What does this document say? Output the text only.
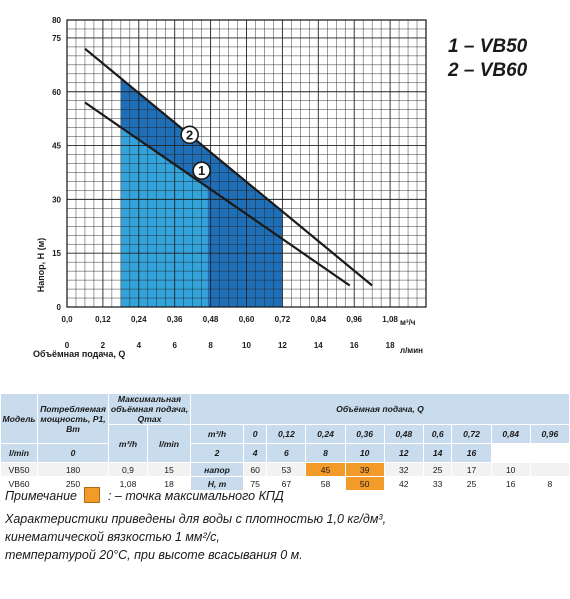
1
2
0
15
30
45
60
75
80
0,0	0,12	0,24	0,36	0,48	0,60	0,72	0,84	0,96	1,08
0	2	4	6	8	10	12	14	16	18
Напор, H (м)
Объёмная подача, Q
м³/ч
л/мин
1 – VB50
2 – VB60
Модель	Потребляемая мощность, P1, Вт	Максимальная объёмная подача, Qmax		Объёмная подача, Q									
		m³/h	l/min	m³/h	0	0,12	0,24	0,36	0,48	0,6	0,72	0,84	0,96
l/min	0			2	4	6	8	10	12	14	16		
VB50	180	0,9	15	напор	60	53	45	39	32	25	17	10	
VB60	250	1,08	18	H, m	75	67	58	50	42	33	25	16	8
Примечание : – точка максимального КПД
Характеристики приведены для воды с плотностью 1,0 кг/дм³,
кинематической вязкостью 1 мм²/с,
температурой 20°C, при высоте всасывания 0 м.
